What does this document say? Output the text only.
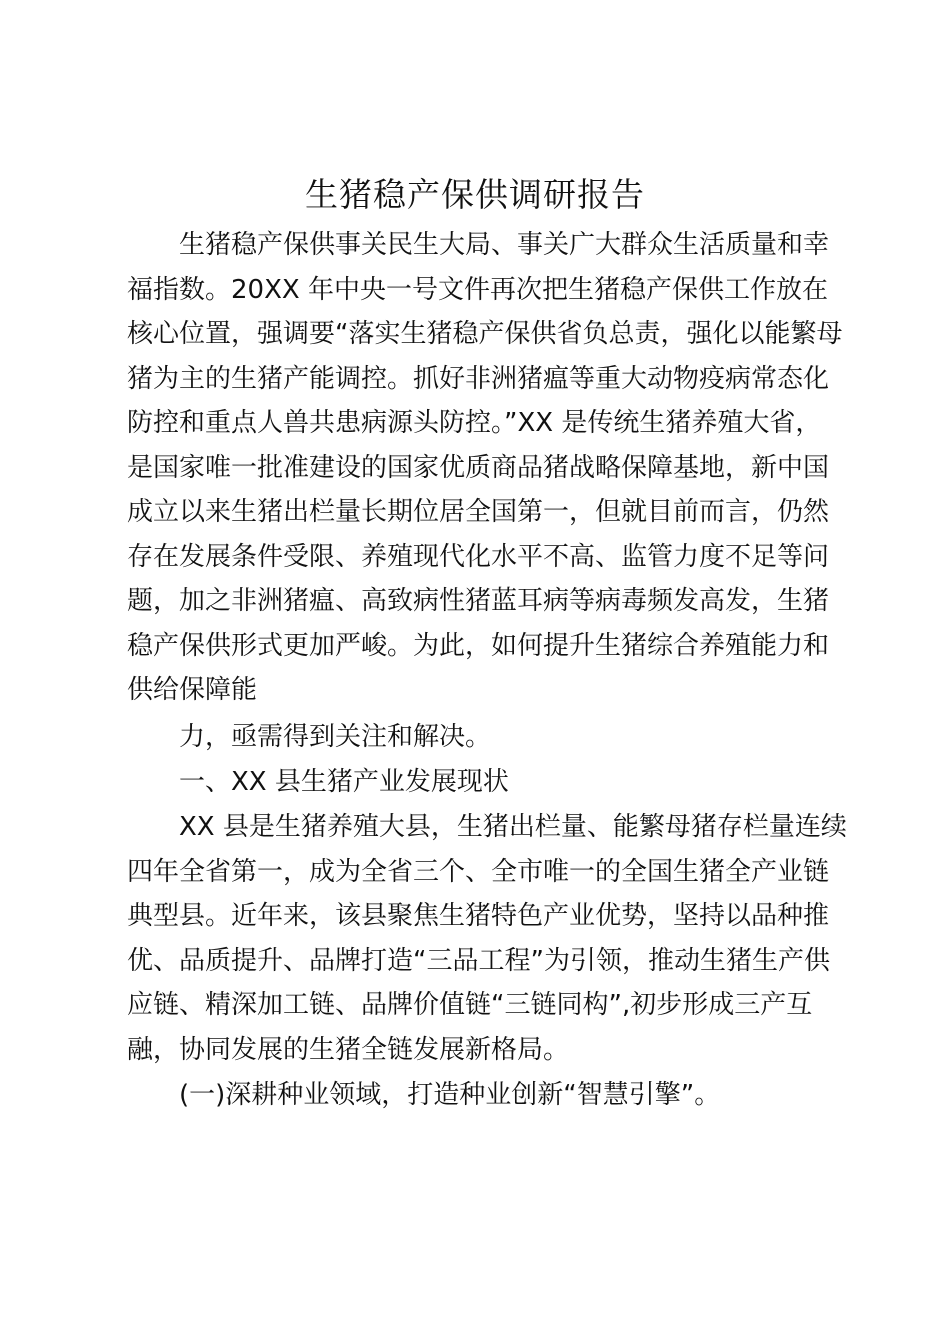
生猪稳产保供调研报告
生猪稳产保供事关民生大局、事关广大群众生活质量和幸
福指数。20XX 年中央一号文件再次把生猪稳产保供工作放在
核心位置，强调要“落实生猪稳产保供省负总责，强化以能繁母
猪为主的生猪产能调控。抓好非洲猪瘟等重大动物疫病常态化
防控和重点人兽共患病源头防控。”XX 是传统生猪养殖大省，
是国家唯一批准建设的国家优质商品猪战略保障基地，新中国
成立以来生猪出栏量长期位居全国第一，但就目前而言，仍然
存在发展条件受限、养殖现代化水平不高、监管力度不足等问
题，加之非洲猪瘟、高致病性猪蓝耳病等病毒频发高发，生猪
稳产保供形式更加严峻。为此，如何提升生猪综合养殖能力和
供给保障能
力，亟需得到关注和解决。
一、XX 县生猪产业发展现状
XX 县是生猪养殖大县，生猪出栏量、能繁母猪存栏量连续
四年全省第一，成为全省三个、全市唯一的全国生猪全产业链
典型县。近年来，该县聚焦生猪特色产业优势，坚持以品种推
优、品质提升、品牌打造“三品工程”为引领，推动生猪生产供
应链、精深加工链、品牌价值链“三链同构”,初步形成三产互
融，协同发展的生猪全链发展新格局。
(一)深耕种业领域，打造种业创新“智慧引擎”。
